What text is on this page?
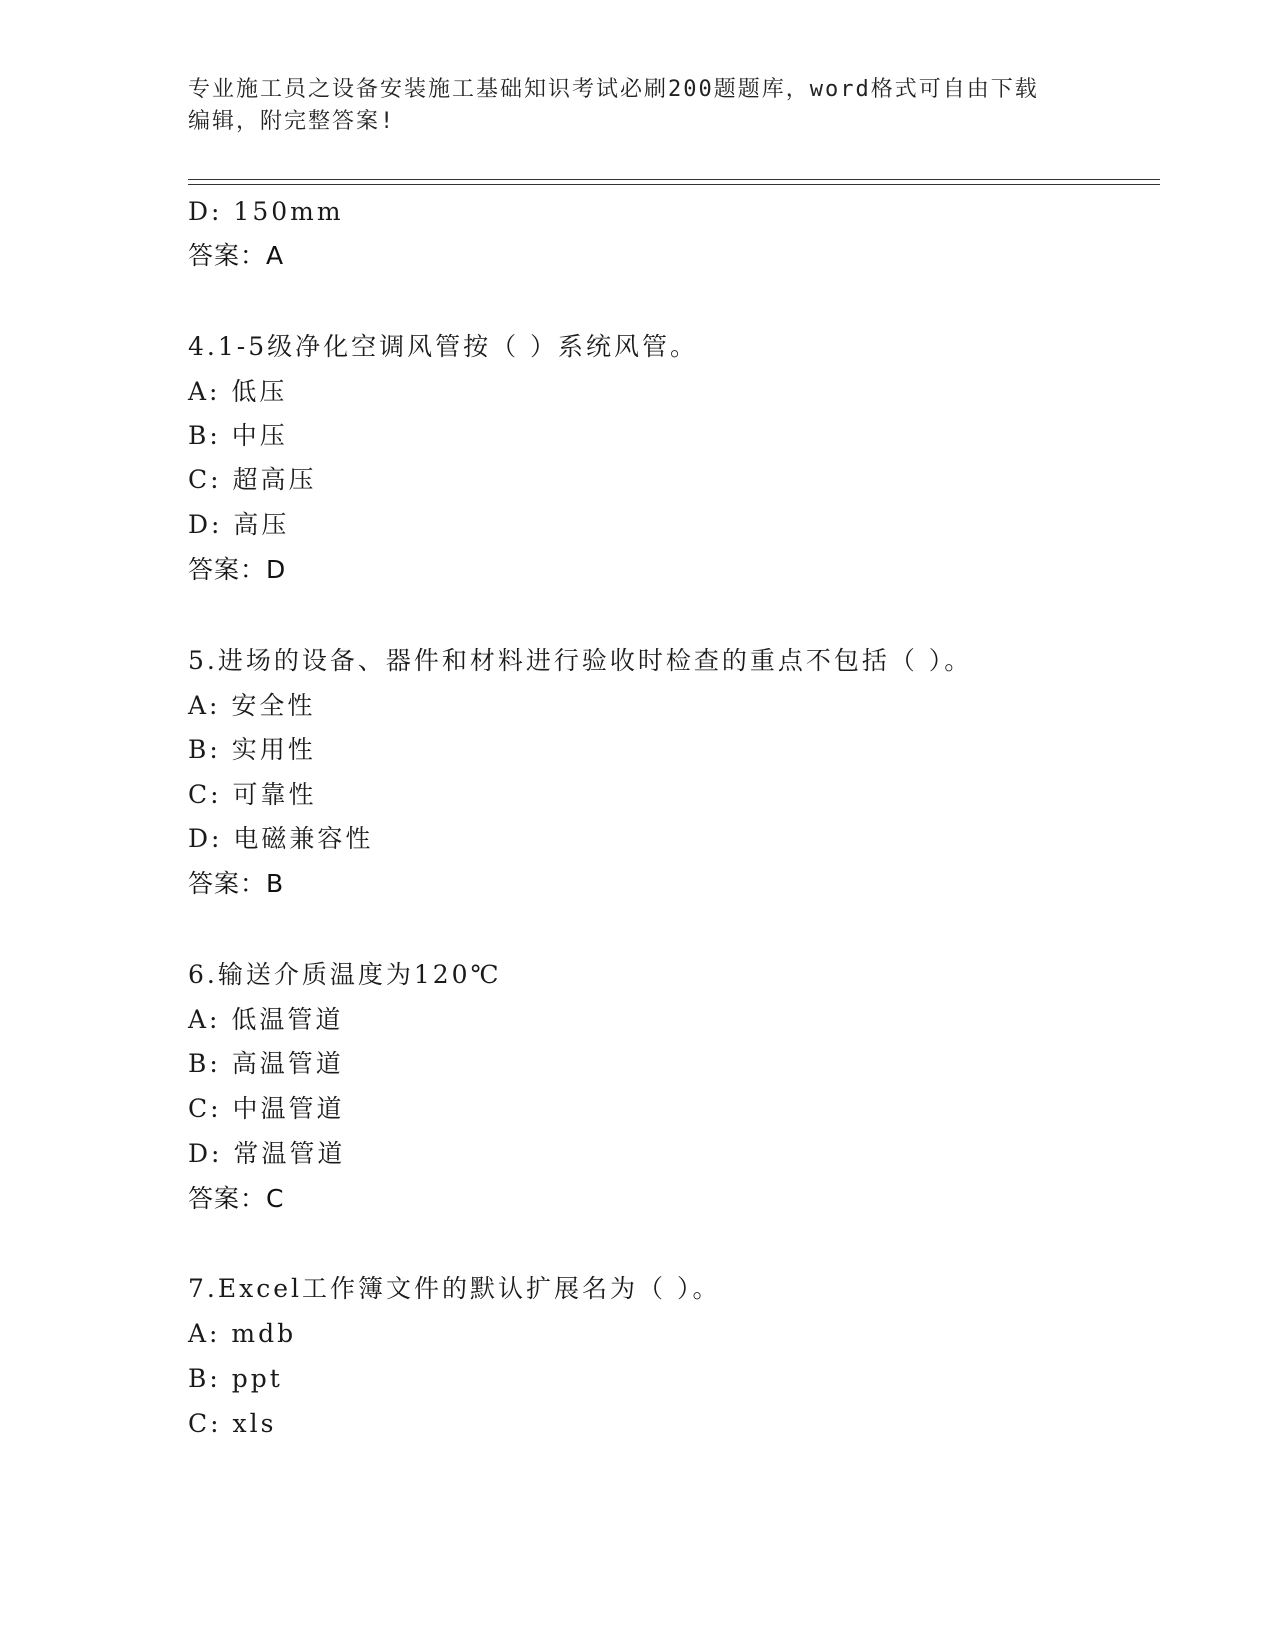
专业施工员之设备安装施工基础知识考试必刷200题题库，word格式可自由下载
编辑，附完整答案!
D: 150mm
答案：A
4.1-5级净化空调风管按（ ）系统风管。
A: 低压
B: 中压
C: 超高压
D: 高压
答案：D
5.进场的设备、器件和材料进行验收时检查的重点不包括（ ）。
A: 安全性
B: 实用性
C: 可靠性
D: 电磁兼容性
答案：B
6.输送介质温度为120℃
A: 低温管道
B: 高温管道
C: 中温管道
D: 常温管道
答案：C
7.Excel工作簿文件的默认扩展名为（ ）。
A: mdb
B: ppt
C: xls
